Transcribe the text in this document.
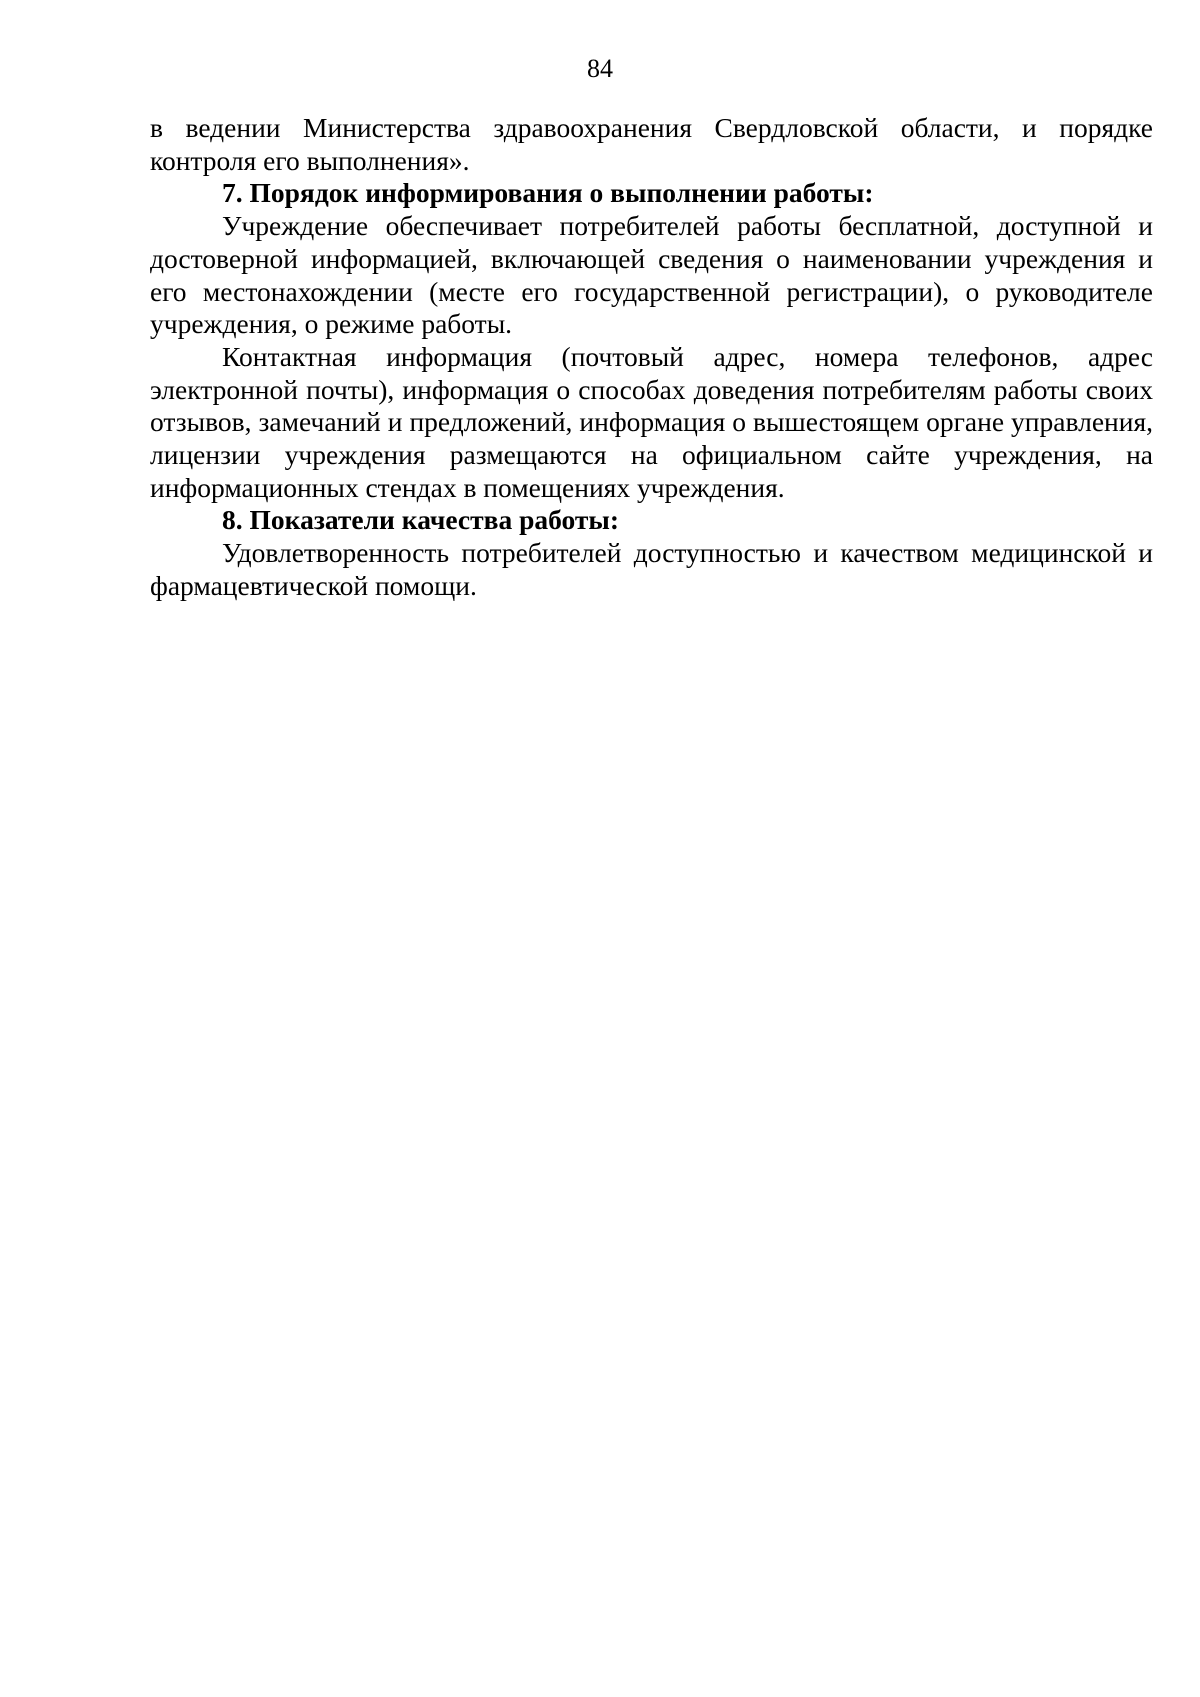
84

в ведении Министерства здравоохранения Свердловской области, и порядке контроля его выполнения».

7. Порядок информирования о выполнении работы:

Учреждение обеспечивает потребителей работы бесплатной, доступной и достоверной информацией, включающей сведения о наименовании учреждения и его местонахождении (месте его государственной регистрации), о руководителе учреждения, о режиме работы.

Контактная информация (почтовый адрес, номера телефонов, адрес электронной почты), информация о способах доведения потребителям работы своих отзывов, замечаний и предложений, информация о вышестоящем органе управления, лицензии учреждения размещаются на официальном сайте учреждения, на информационных стендах в помещениях учреждения.

8. Показатели качества работы:

Удовлетворенность потребителей доступностью и качеством медицинской и фармацевтической помощи.
